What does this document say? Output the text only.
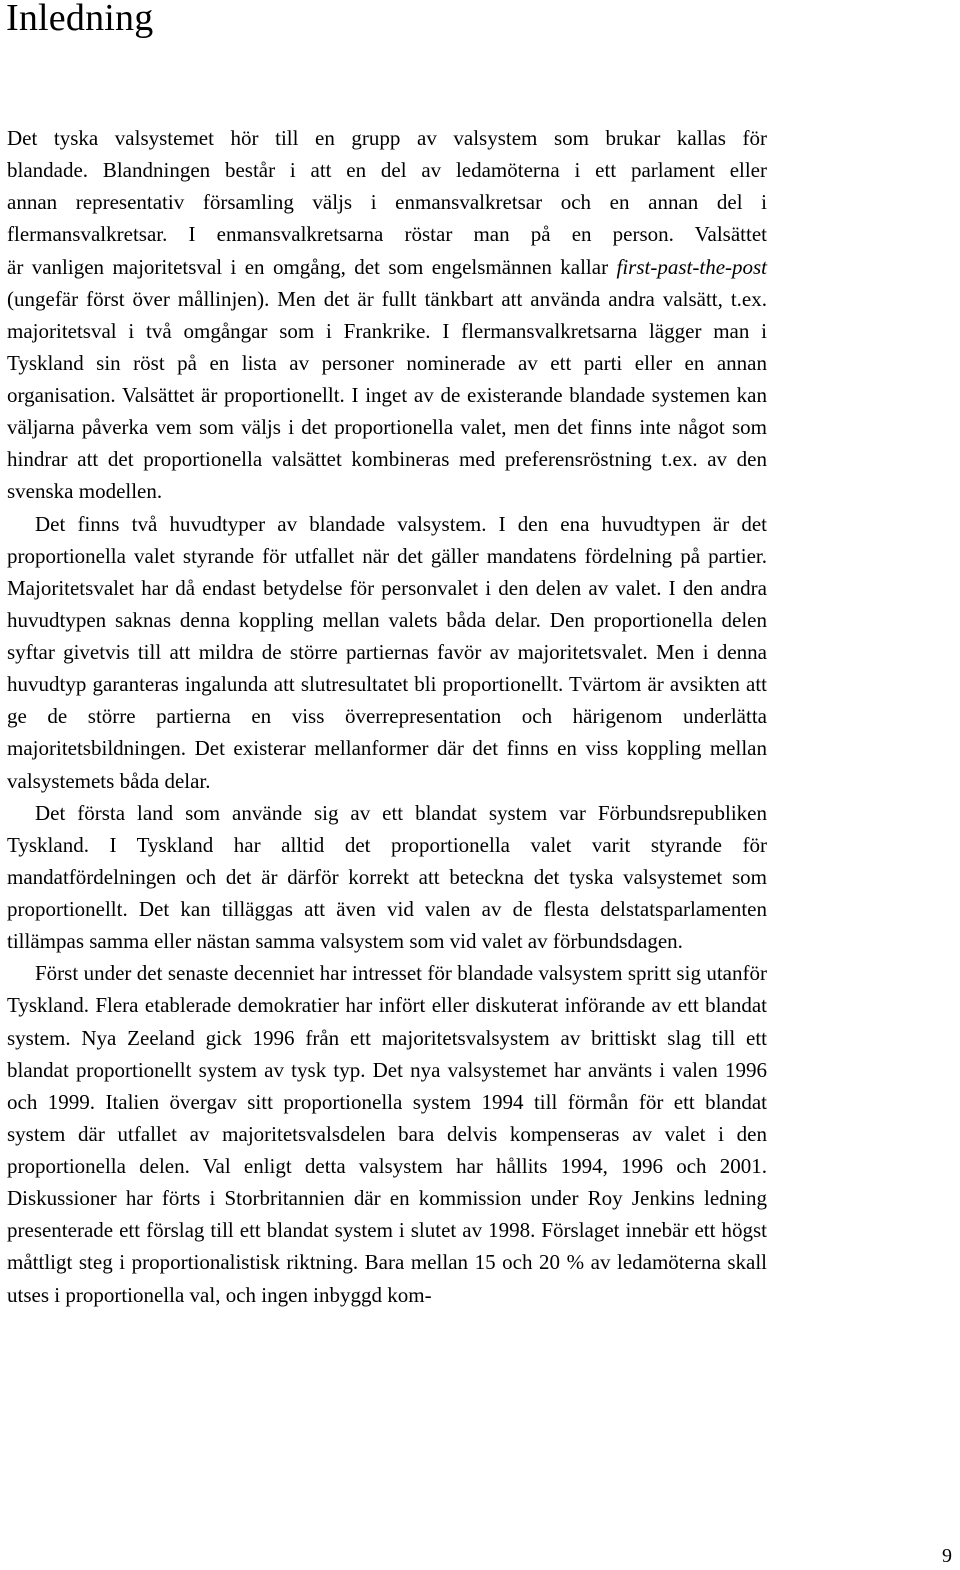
Inledning

Det tyska valsystemet hör till en grupp av valsystem som brukar kallas för
blandade. Blandningen består i att en del av ledamöterna i ett parlament eller
annan representativ församling väljs i enmansvalkretsar och en annan del i
flermansvalkretsar. I enmansvalkretsarna röstar man på en person. Valsättet
är vanligen majoritetsval i en omgång, det som engelsmännen kallar first-past-the-post (ungefär först över mållinjen). Men det är fullt tänkbart att använda andra valsätt, t.ex. majoritetsval i två omgångar som i Frankrike. I flermansvalkretsarna lägger man i Tyskland sin röst på en lista av personer nominerade av ett parti eller en annan organisation. Valsättet är proportionellt. I inget av de existerande blandade systemen kan väljarna påverka vem som väljs i det proportionella valet, men det finns inte något som hindrar att det proportionella valsättet kombineras med preferensröstning t.ex. av den svenska modellen.

Det finns två huvudtyper av blandade valsystem. I den ena huvudtypen är det proportionella valet styrande för utfallet när det gäller mandatens fördelning på partier. Majoritetsvalet har då endast betydelse för personvalet i den delen av valet. I den andra huvudtypen saknas denna koppling mellan valets båda delar. Den proportionella delen syftar givetvis till att mildra de större partiernas favör av majoritetsvalet. Men i denna huvudtyp garanteras ingalunda att slutresultatet bli proportionellt. Tvärtom är avsikten att ge de större partierna en viss överrepresentation och härigenom underlätta majoritetsbildningen. Det existerar mellanformer där det finns en viss koppling mellan valsystemets båda delar.

Det första land som använde sig av ett blandat system var Förbundsrepubliken Tyskland. I Tyskland har alltid det proportionella valet varit styrande för mandatfördelningen och det är därför korrekt att beteckna det tyska valsystemet som proportionellt. Det kan tilläggas att även vid valen av de flesta delstatsparlamenten tillämpas samma eller nästan samma valsystem som vid valet av förbundsdagen.

Först under det senaste decenniet har intresset för blandade valsystem spritt sig utanför Tyskland. Flera etablerade demokratier har infört eller diskuterat införande av ett blandat system. Nya Zeeland gick 1996 från ett majoritetsvalsystem av brittiskt slag till ett blandat proportionellt system av tysk typ. Det nya valsystemet har använts i valen 1996 och 1999. Italien övergav sitt proportionella system 1994 till förmån för ett blandat system där utfallet av majoritetsvalsdelen bara delvis kompenseras av valet i den proportionella delen. Val enligt detta valsystem har hållits 1994, 1996 och 2001. Diskussioner har förts i Storbritannien där en kommission under Roy Jenkins ledning presenterade ett förslag till ett blandat system i slutet av 1998. Förslaget innebär ett högst måttligt steg i proportionalistisk riktning. Bara mellan 15 och 20 % av ledamöterna skall utses i proportionella val, och ingen inbyggd kom-

9
